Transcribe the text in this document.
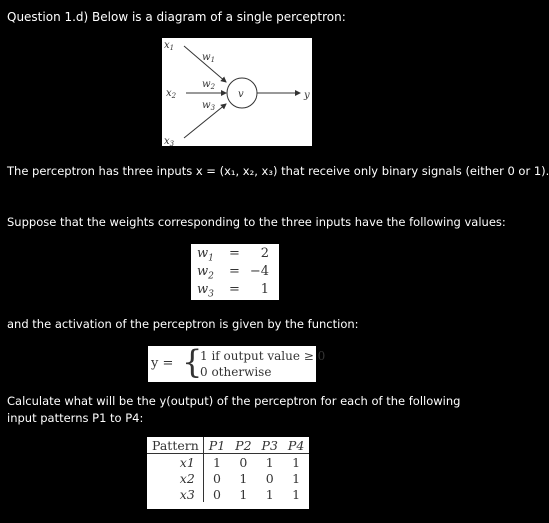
Question 1.d) Below is a diagram of a single perceptron:
$x_1$
$x_2$
$x_3$
$w_1$
$w_2$
$w_3$
v	y
The perceptron has three inputs x = (x₁, x₂, x₃) that receive only binary signals (either 0 or 1).
Suppose that the weights corresponding to the three inputs have the following values:
$w_1 = 2$
$w_2 = -4$
$w_3 = 1$
and the activation of the perceptron is given by the function:
y = {
1 if output value ≥ 0
0 otherwise
Calculate what will be the y(output) of the perceptron for each of the following input patterns P1 to P4:
Pattern	P1	P2	P3	P4
x1	1	0	1	1
x2	0	1	0	1
x3	0	1	1	1
